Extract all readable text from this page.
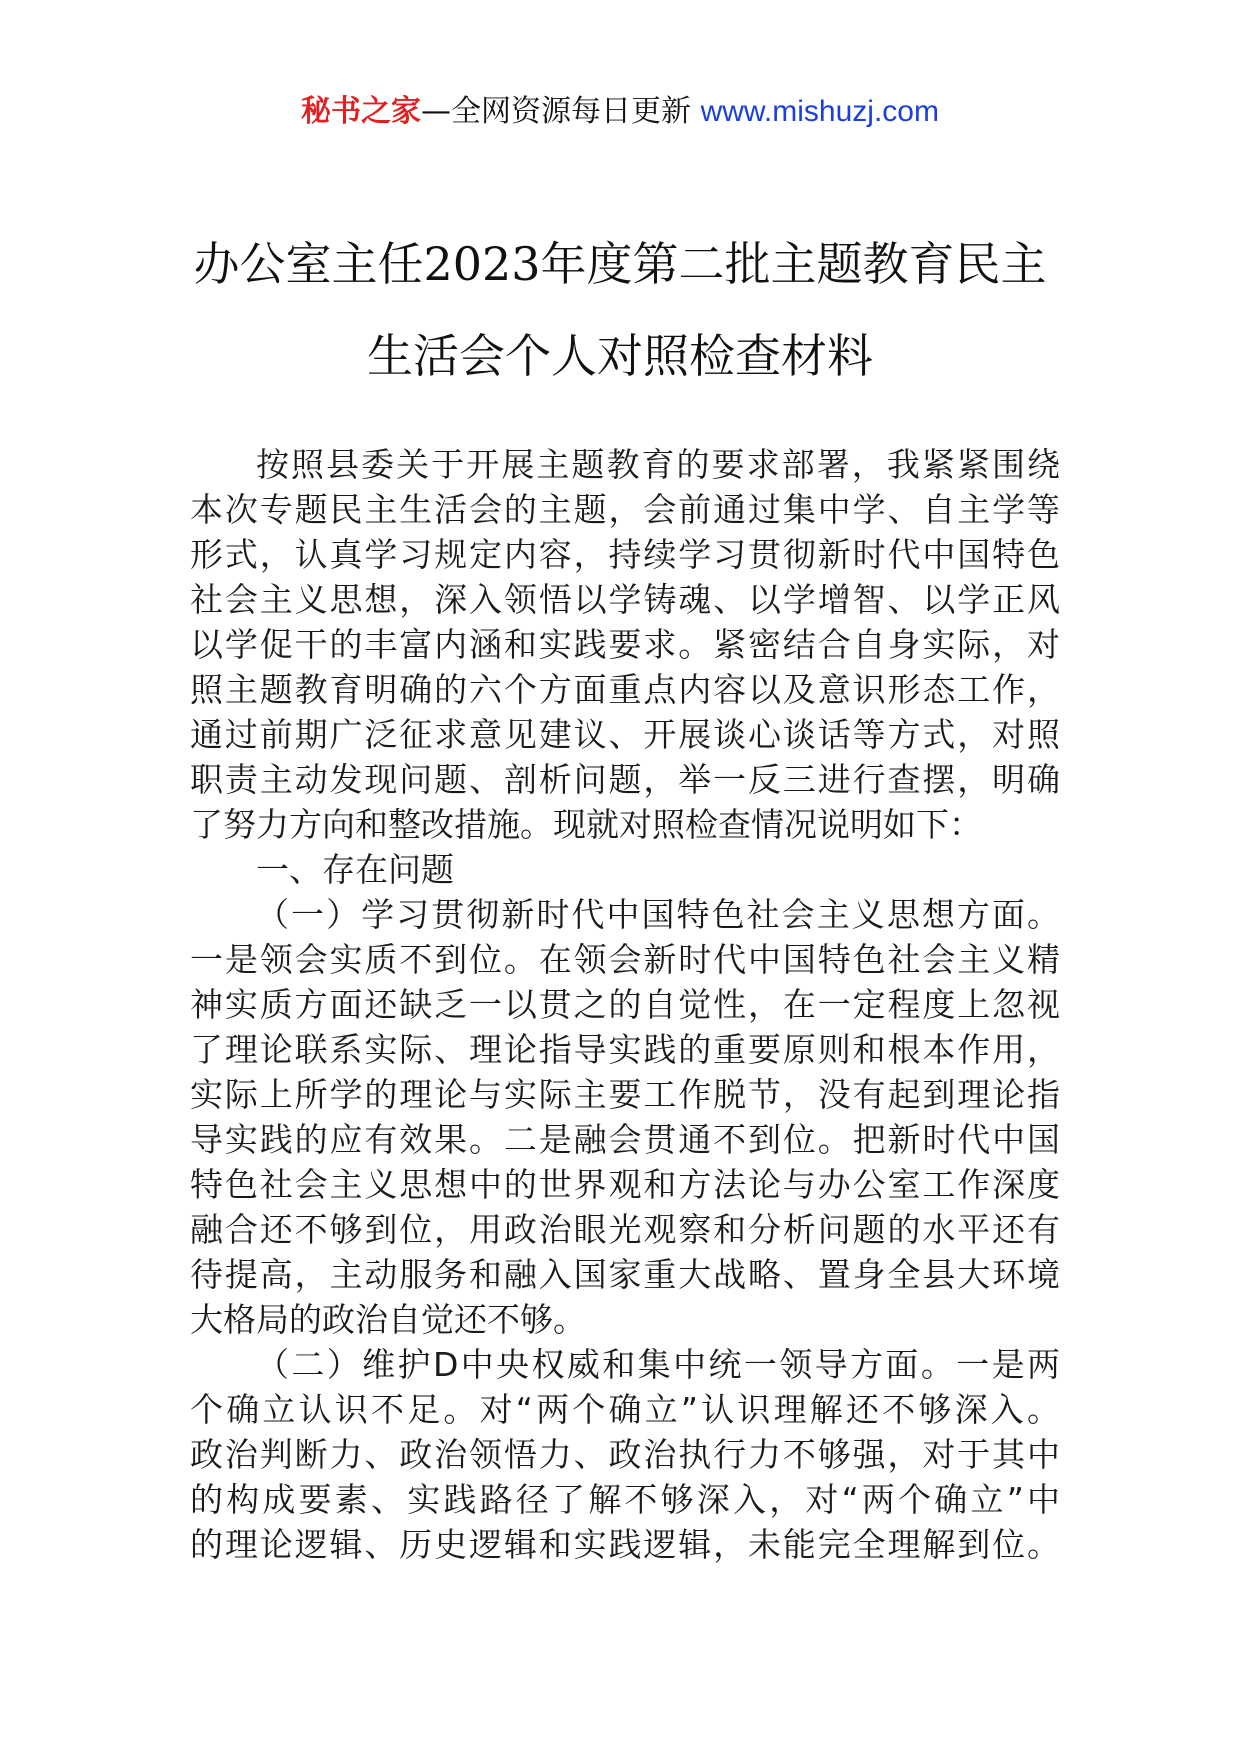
秘书之家—全网资源每日更新 www.mishuzj.com
办公室主任2023年度第二批主题教育民主
生活会个人对照检查材料
按照县委关于开展主题教育的要求部署，我紧紧围绕
本次专题民主生活会的主题，会前通过集中学、自主学等
形式，认真学习规定内容，持续学习贯彻新时代中国特色
社会主义思想，深入领悟以学铸魂、以学增智、以学正风
以学促干的丰富内涵和实践要求。紧密结合自身实际，对
照主题教育明确的六个方面重点内容以及意识形态工作，
通过前期广泛征求意见建议、开展谈心谈话等方式，对照
职责主动发现问题、剖析问题，举一反三进行查摆，明确
了努力方向和整改措施。现就对照检查情况说明如下：
一、存在问题
（一）学习贯彻新时代中国特色社会主义思想方面。
一是领会实质不到位。在领会新时代中国特色社会主义精
神实质方面还缺乏一以贯之的自觉性，在一定程度上忽视
了理论联系实际、理论指导实践的重要原则和根本作用，
实际上所学的理论与实际主要工作脱节，没有起到理论指
导实践的应有效果。二是融会贯通不到位。把新时代中国
特色社会主义思想中的世界观和方法论与办公室工作深度
融合还不够到位，用政治眼光观察和分析问题的水平还有
待提高，主动服务和融入国家重大战略、置身全县大环境
大格局的政治自觉还不够。
（二）维护D中央权威和集中统一领导方面。一是两
个确立认识不足。对“两个确立”认识理解还不够深入。
政治判断力、政治领悟力、政治执行力不够强，对于其中
的构成要素、实践路径了解不够深入，对“两个确立”中
的理论逻辑、历史逻辑和实践逻辑，未能完全理解到位。
